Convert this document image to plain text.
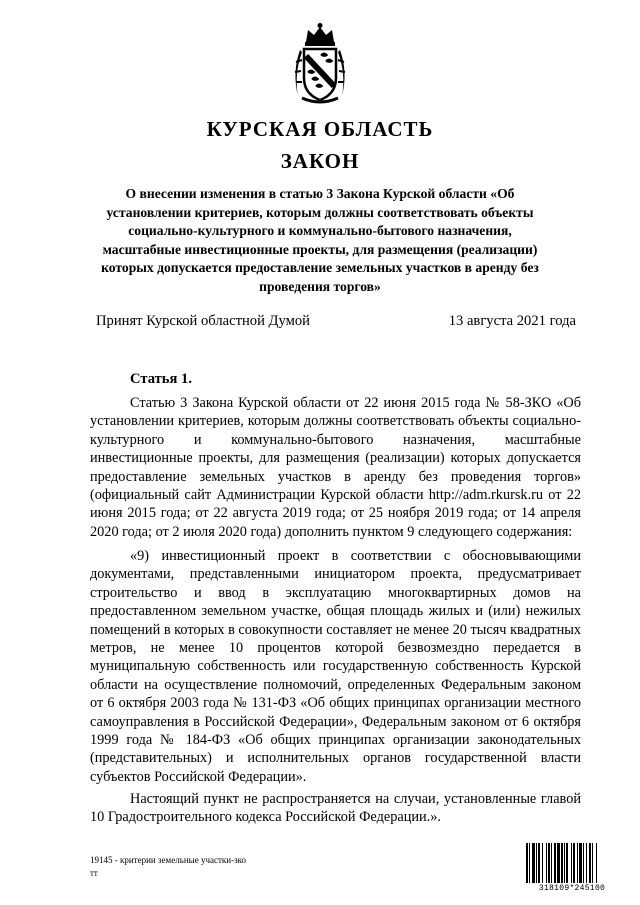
КУРСКАЯ ОБЛАСТЬ
ЗАКОН
О внесении изменения в статью 3 Закона Курской области «Об установлении критериев, которым должны соответствовать объекты социально-культурного и коммунально-бытового назначения, масштабные инвестиционные проекты, для размещения (реализации) которых допускается предоставление земельных участков в аренду без проведения торгов»
Принят Курской областной Думой	13 августа 2021 года
Статья 1.

Статью 3 Закона Курской области от 22 июня 2015 года № 58-ЗКО «Об установлении критериев, которым должны соответствовать объекты социально-культурного и коммунально-бытового назначения, масштабные инвестиционные проекты, для размещения (реализации) которых допускается предоставление земельных участков в аренду без проведения торгов» (официальный сайт Администрации Курской области http://adm.rkursk.ru от 22 июня 2015 года; от 22 августа 2019 года; от 25 ноября 2019 года; от 14 апреля 2020 года; от 2 июля 2020 года) дополнить пунктом 9 следующего содержания:

«9) инвестиционный проект в соответствии с обосновывающими документами, представленными инициатором проекта, предусматривает строительство и ввод в эксплуатацию многоквартирных домов на предоставленном земельном участке, общая площадь жилых и (или) нежилых помещений в которых в совокупности составляет не менее 20 тысяч квадратных метров, не менее 10 процентов которой безвозмездно передается в муниципальную собственность или государственную собственность Курской области на осуществление полномочий, определенных Федеральным законом от 6 октября 2003 года № 131-ФЗ «Об общих принципах организации местного самоуправления в Российской Федерации», Федеральным законом от 6 октября 1999 года № 184-ФЗ «Об общих принципах организации законодательных (представительных) и исполнительных органов государственной власти субъектов Российской Федерации».

Настоящий пункт не распространяется на случаи, установленные главой 10 Градостроительного кодекса Российской Федерации.».

19145 - критерии земельные участки-зко
тт
318109*245100
